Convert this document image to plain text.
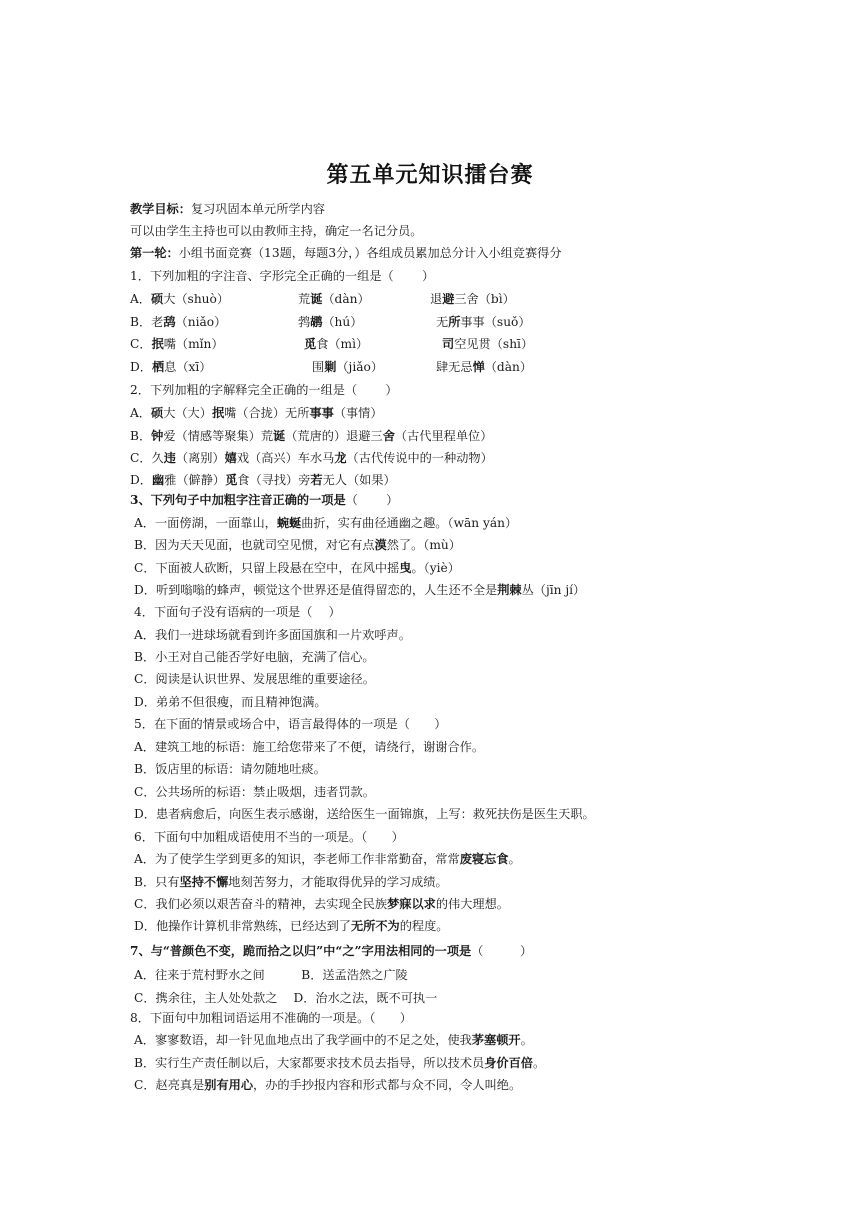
第五单元知识擂台赛
教学目标：复习巩固本单元所学内容
可以由学生主持也可以由教师主持，确定一名记分员。
第一轮：小组书面竞赛（13题，每题3分，）各组成员累加总分计入小组竞赛得分
1．下列加粗的字注音、字形完全正确的一组是（　　 ）
A．硕大（shuò）	荒诞（dàn）	退避三舍（bì）
B．老鸹（niǎo）	鹁鹕（hú）	无所事事（suǒ）
C．抿嘴（mǐn）	觅食（mì）	司空见贯（shī）
D．栖息（xī）	围剿（jiǎo）	肆无忌惮（dàn）
2．下列加粗的字解释完全正确的一组是（　　 ）
A．硕大（大）抿嘴（合拢）无所事事（事情）
B．钟爱（情感等聚集）荒诞（荒唐的）退避三舍（古代里程单位）
C．久违（离别）嬉戏（高兴）车水马龙（古代传说中的一种动物）
D．幽雅（僻静）觅食（寻找）旁若无人（如果）
3、下列句子中加粗字注音正确的一项是（　　 ）
A．一面傍湖，一面靠山，蜿蜒曲折，实有曲径通幽之趣。（wān yán）
B．因为天天见面，也就司空见惯，对它有点漠然了。（mù）
C．下面被人砍断，只留上段悬在空中，在风中摇曳。（yiè）
D．听到嗡嗡的蜂声，顿觉这个世界还是值得留恋的，人生还不全是荆棘丛（jīn jí）
4．下面句子没有语病的一项是（　 ）
A．我们一进球场就看到许多面国旗和一片欢呼声。
B．小王对自己能否学好电脑，充满了信心。
C．阅读是认识世界、发展思维的重要途径。
D．弟弟不但很瘦，而且精神饱满。
5．在下面的情景或场合中，语言最得体的一项是（　　）
A．建筑工地的标语：施工给您带来了不便，请绕行，谢谢合作。
B．饭店里的标语：请勿随地吐痰。
C．公共场所的标语：禁止吸烟，违者罚款。
D．患者病愈后，向医生表示感谢，送给医生一面锦旗，上写：救死扶伤是医生天职。
6．下面句中加粗成语使用不当的一项是。（　　）
A．为了使学生学到更多的知识，李老师工作非常勤奋，常常废寝忘食。
B．只有坚持不懈地刻苦努力，才能取得优异的学习成绩。
C．我们必须以艰苦奋斗的精神，去实现全民族梦寐以求的伟大理想。
D．他操作计算机非常熟练，已经达到了无所不为的程度。
7、与“普颜色不变，跪而拾之以归”中“之”字用法相同的一项是（　　　）
A．往来于荒村野水之间　　　B．送孟浩然之广陵
C．携余往，主人处处款之　 D．治水之法，既不可执一
8．下面句中加粗词语运用不准确的一项是。（　　）
A．寥寥数语，却一针见血地点出了我学画中的不足之处，使我茅塞顿开。
B．实行生产责任制以后，大家都要求技术员去指导，所以技术员身价百倍。
C．赵亮真是别有用心，办的手抄报内容和形式都与众不同，令人叫绝。
